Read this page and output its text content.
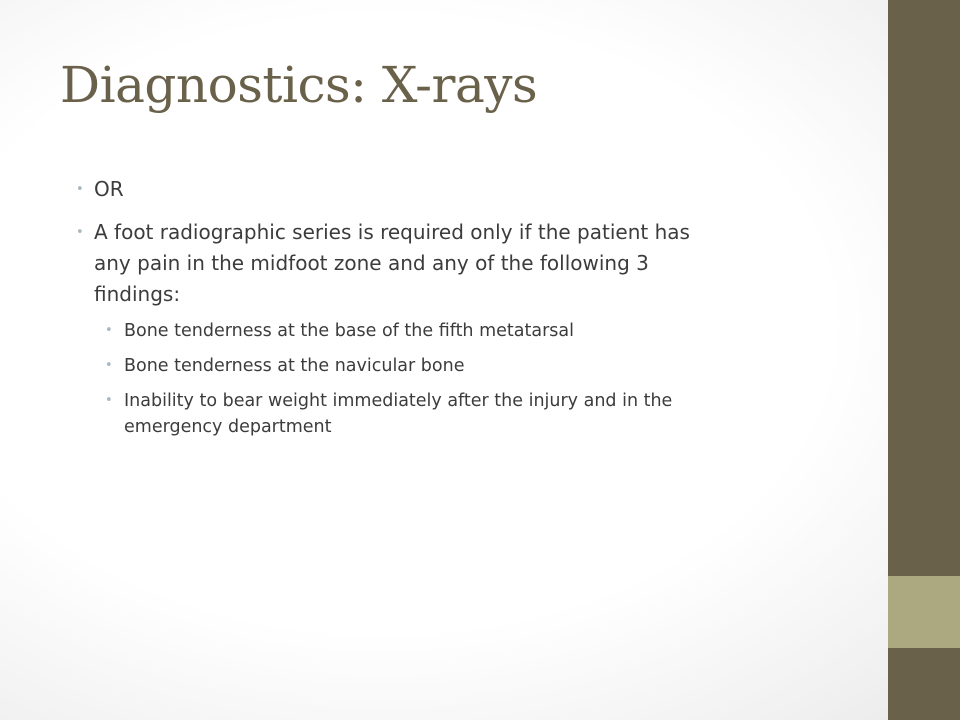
Diagnostics: X-rays
• OR
• A foot radiographic series is required only if the patient has
any pain in the midfoot zone and any of the following 3
findings:
• Bone tenderness at the base of the fifth metatarsal
• Bone tenderness at the navicular bone
• Inability to bear weight immediately after the injury and in the
emergency department
